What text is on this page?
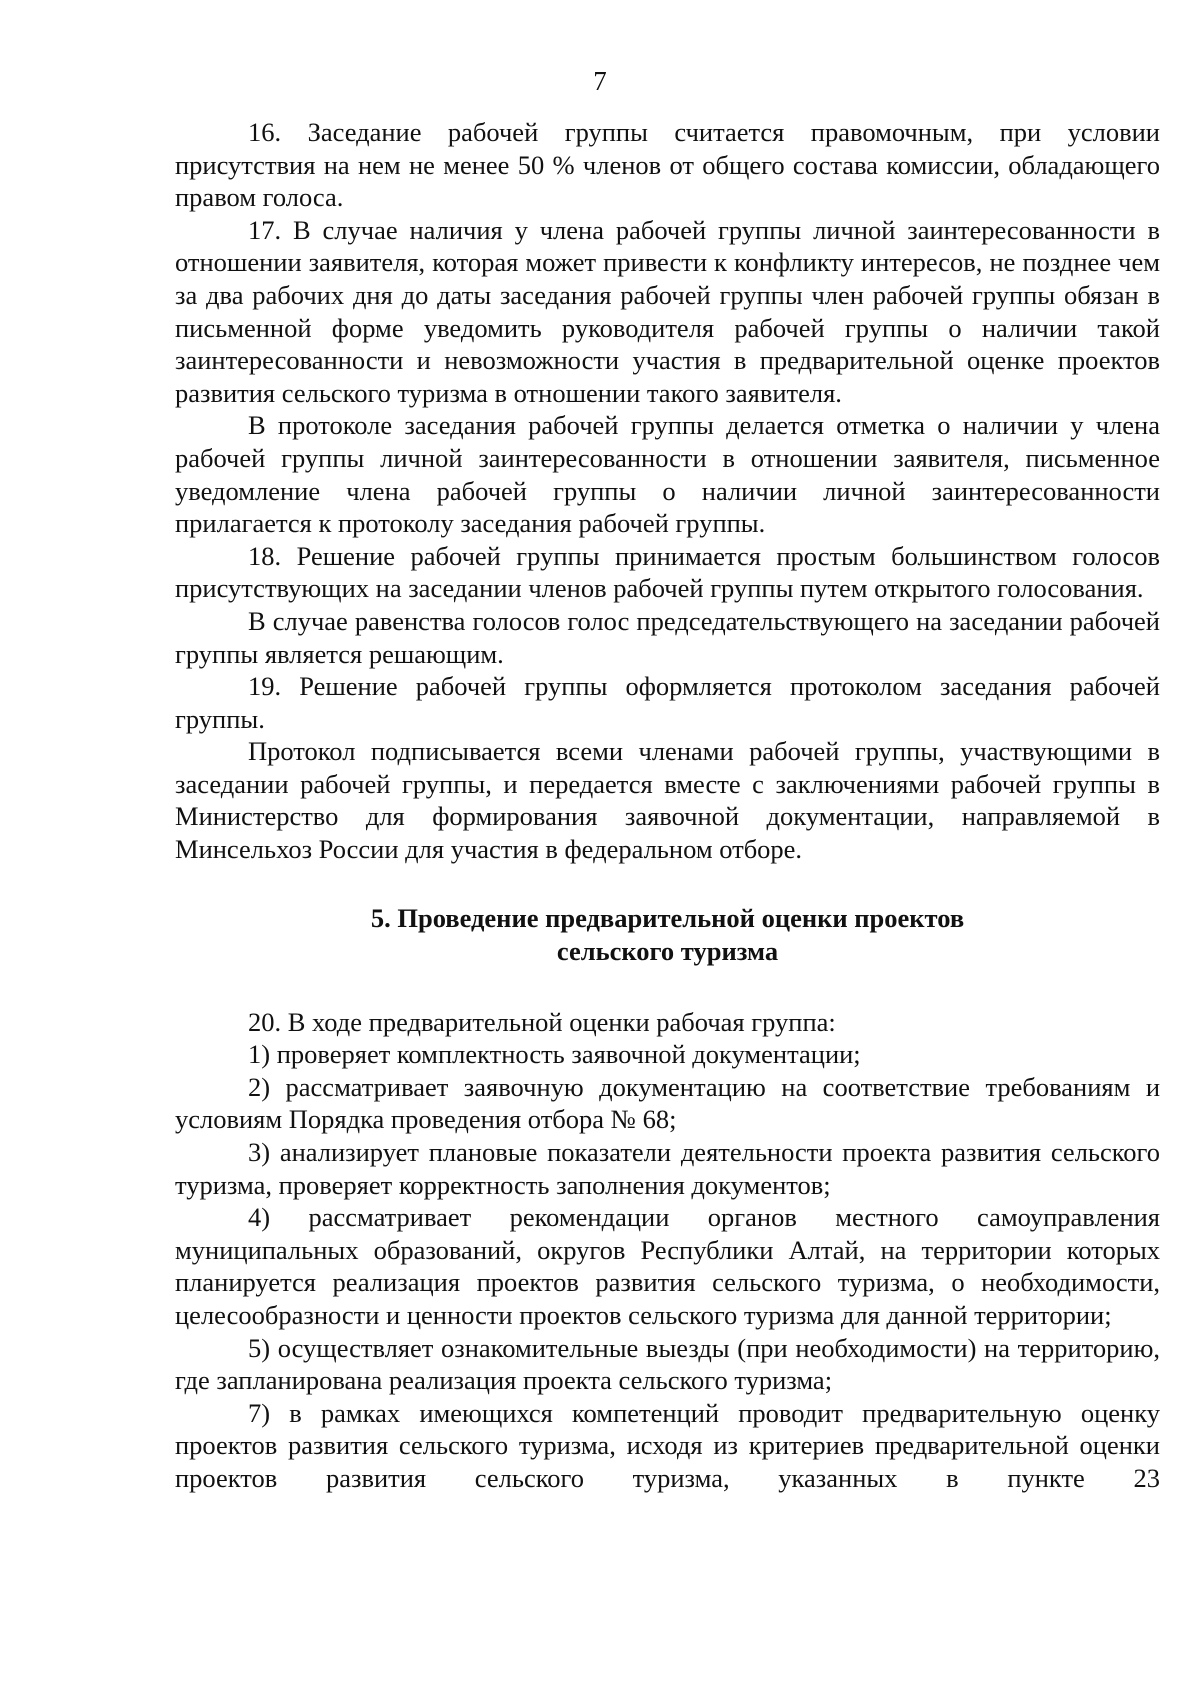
7

16. Заседание рабочей группы считается правомочным, при условии присутствия на нем не менее 50 % членов от общего состава комиссии, обладающего правом голоса.

17. В случае наличия у члена рабочей группы личной заинтересованности в отношении заявителя, которая может привести к конфликту интересов, не позднее чем за два рабочих дня до даты заседания рабочей группы член рабочей группы обязан в письменной форме уведомить руководителя рабочей группы о наличии такой заинтересованности и невозможности участия в предварительной оценке проектов развития сельского туризма в отношении такого заявителя.

В протоколе заседания рабочей группы делается отметка о наличии у члена рабочей группы личной заинтересованности в отношении заявителя, письменное уведомление члена рабочей группы о наличии личной заинтересованности прилагается к протоколу заседания рабочей группы.

18. Решение рабочей группы принимается простым большинством голосов присутствующих на заседании членов рабочей группы путем открытого голосования.

В случае равенства голосов голос председательствующего на заседании рабочей группы является решающим.

19. Решение рабочей группы оформляется протоколом заседания рабочей группы.

Протокол подписывается всеми членами рабочей группы, участвующими в заседании рабочей группы, и передается вместе с заключениями рабочей группы в Министерство для формирования заявочной документации, направляемой в Минсельхоз России для участия в федеральном отборе.

5. Проведение предварительной оценки проектов
сельского туризма

20. В ходе предварительной оценки рабочая группа:

1) проверяет комплектность заявочной документации;

2) рассматривает заявочную документацию на соответствие требованиям и условиям Порядка проведения отбора № 68;

3) анализирует плановые показатели деятельности проекта развития сельского туризма, проверяет корректность заполнения документов;

4) рассматривает рекомендации органов местного самоуправления муниципальных образований, округов Республики Алтай, на территории которых планируется реализация проектов развития сельского туризма, о необходимости, целесообразности и ценности проектов сельского туризма для данной территории;

5) осуществляет ознакомительные выезды (при необходимости) на территорию, где запланирована реализация проекта сельского туризма;

7) в рамках имеющихся компетенций проводит предварительную оценку проектов развития сельского туризма, исходя из критериев предварительной оценки проектов развития сельского туризма, указанных в пункте 23
